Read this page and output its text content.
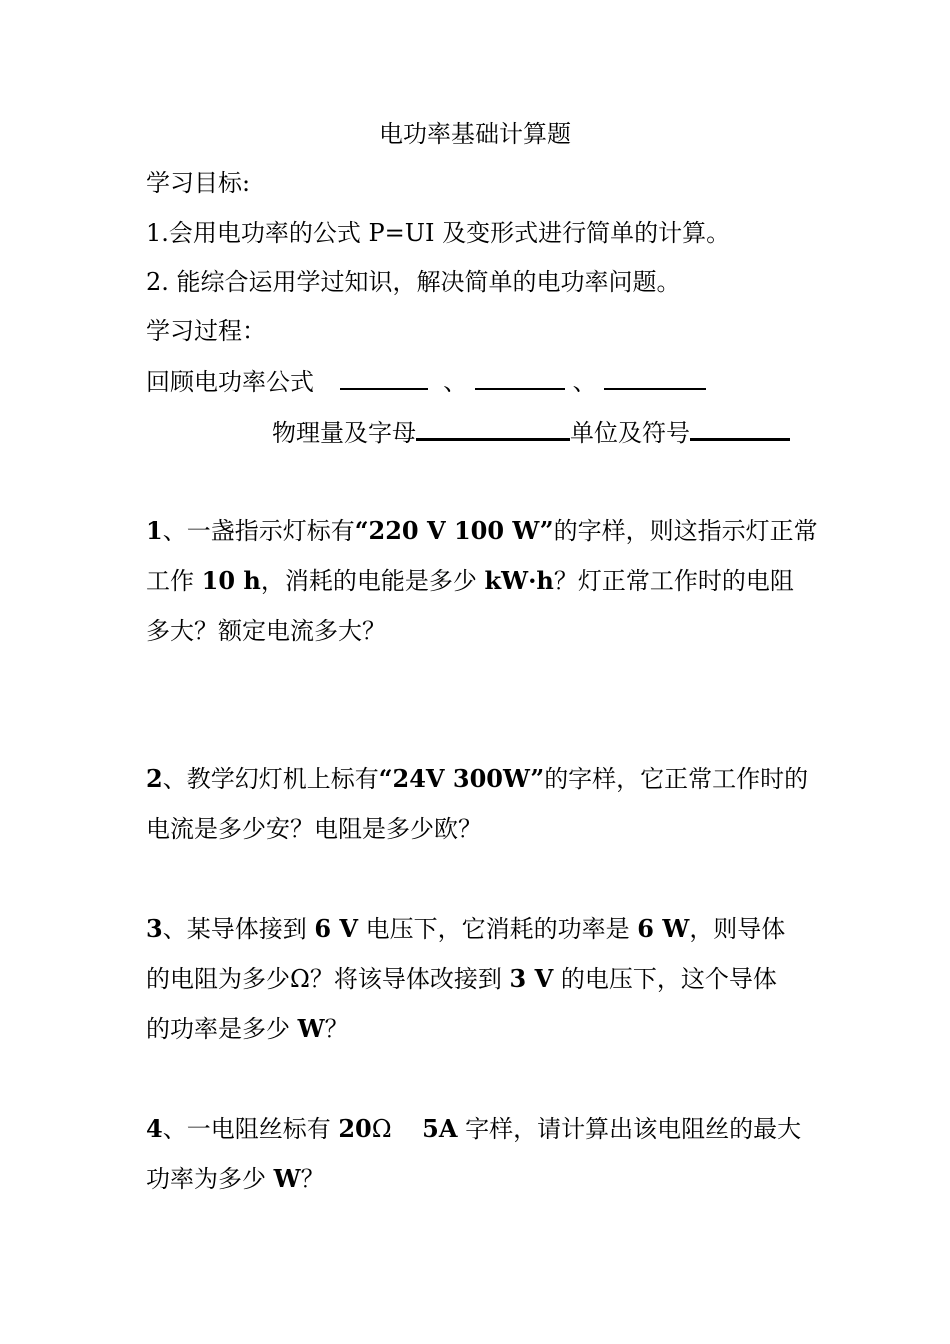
电功率基础计算题
学习目标:
1.会用电功率的公式 P=UI 及变形式进行简单的计算。
2. 能综合运用学过知识，解决简单的电功率问题。
学习过程：
回顾电功率公式	、	、
物理量及字母	单位及符号
1、一盏指示灯标有“220 V 100 W”的字样，则这指示灯正常
工作 10 h，消耗的电能是多少 kW·h？灯正常工作时的电阻
多大？额定电流多大？
2、教学幻灯机上标有“24V 300W”的字样，它正常工作时的
电流是多少安？电阻是多少欧？
3、某导体接到 6 V 电压下，它消耗的功率是 6 W，则导体
的电阻为多少Ω？将该导体改接到 3 V 的电压下，这个导体
的功率是多少 W？
4、一电阻丝标有 20Ω    5A 字样，请计算出该电阻丝的最大
功率为多少 W？
